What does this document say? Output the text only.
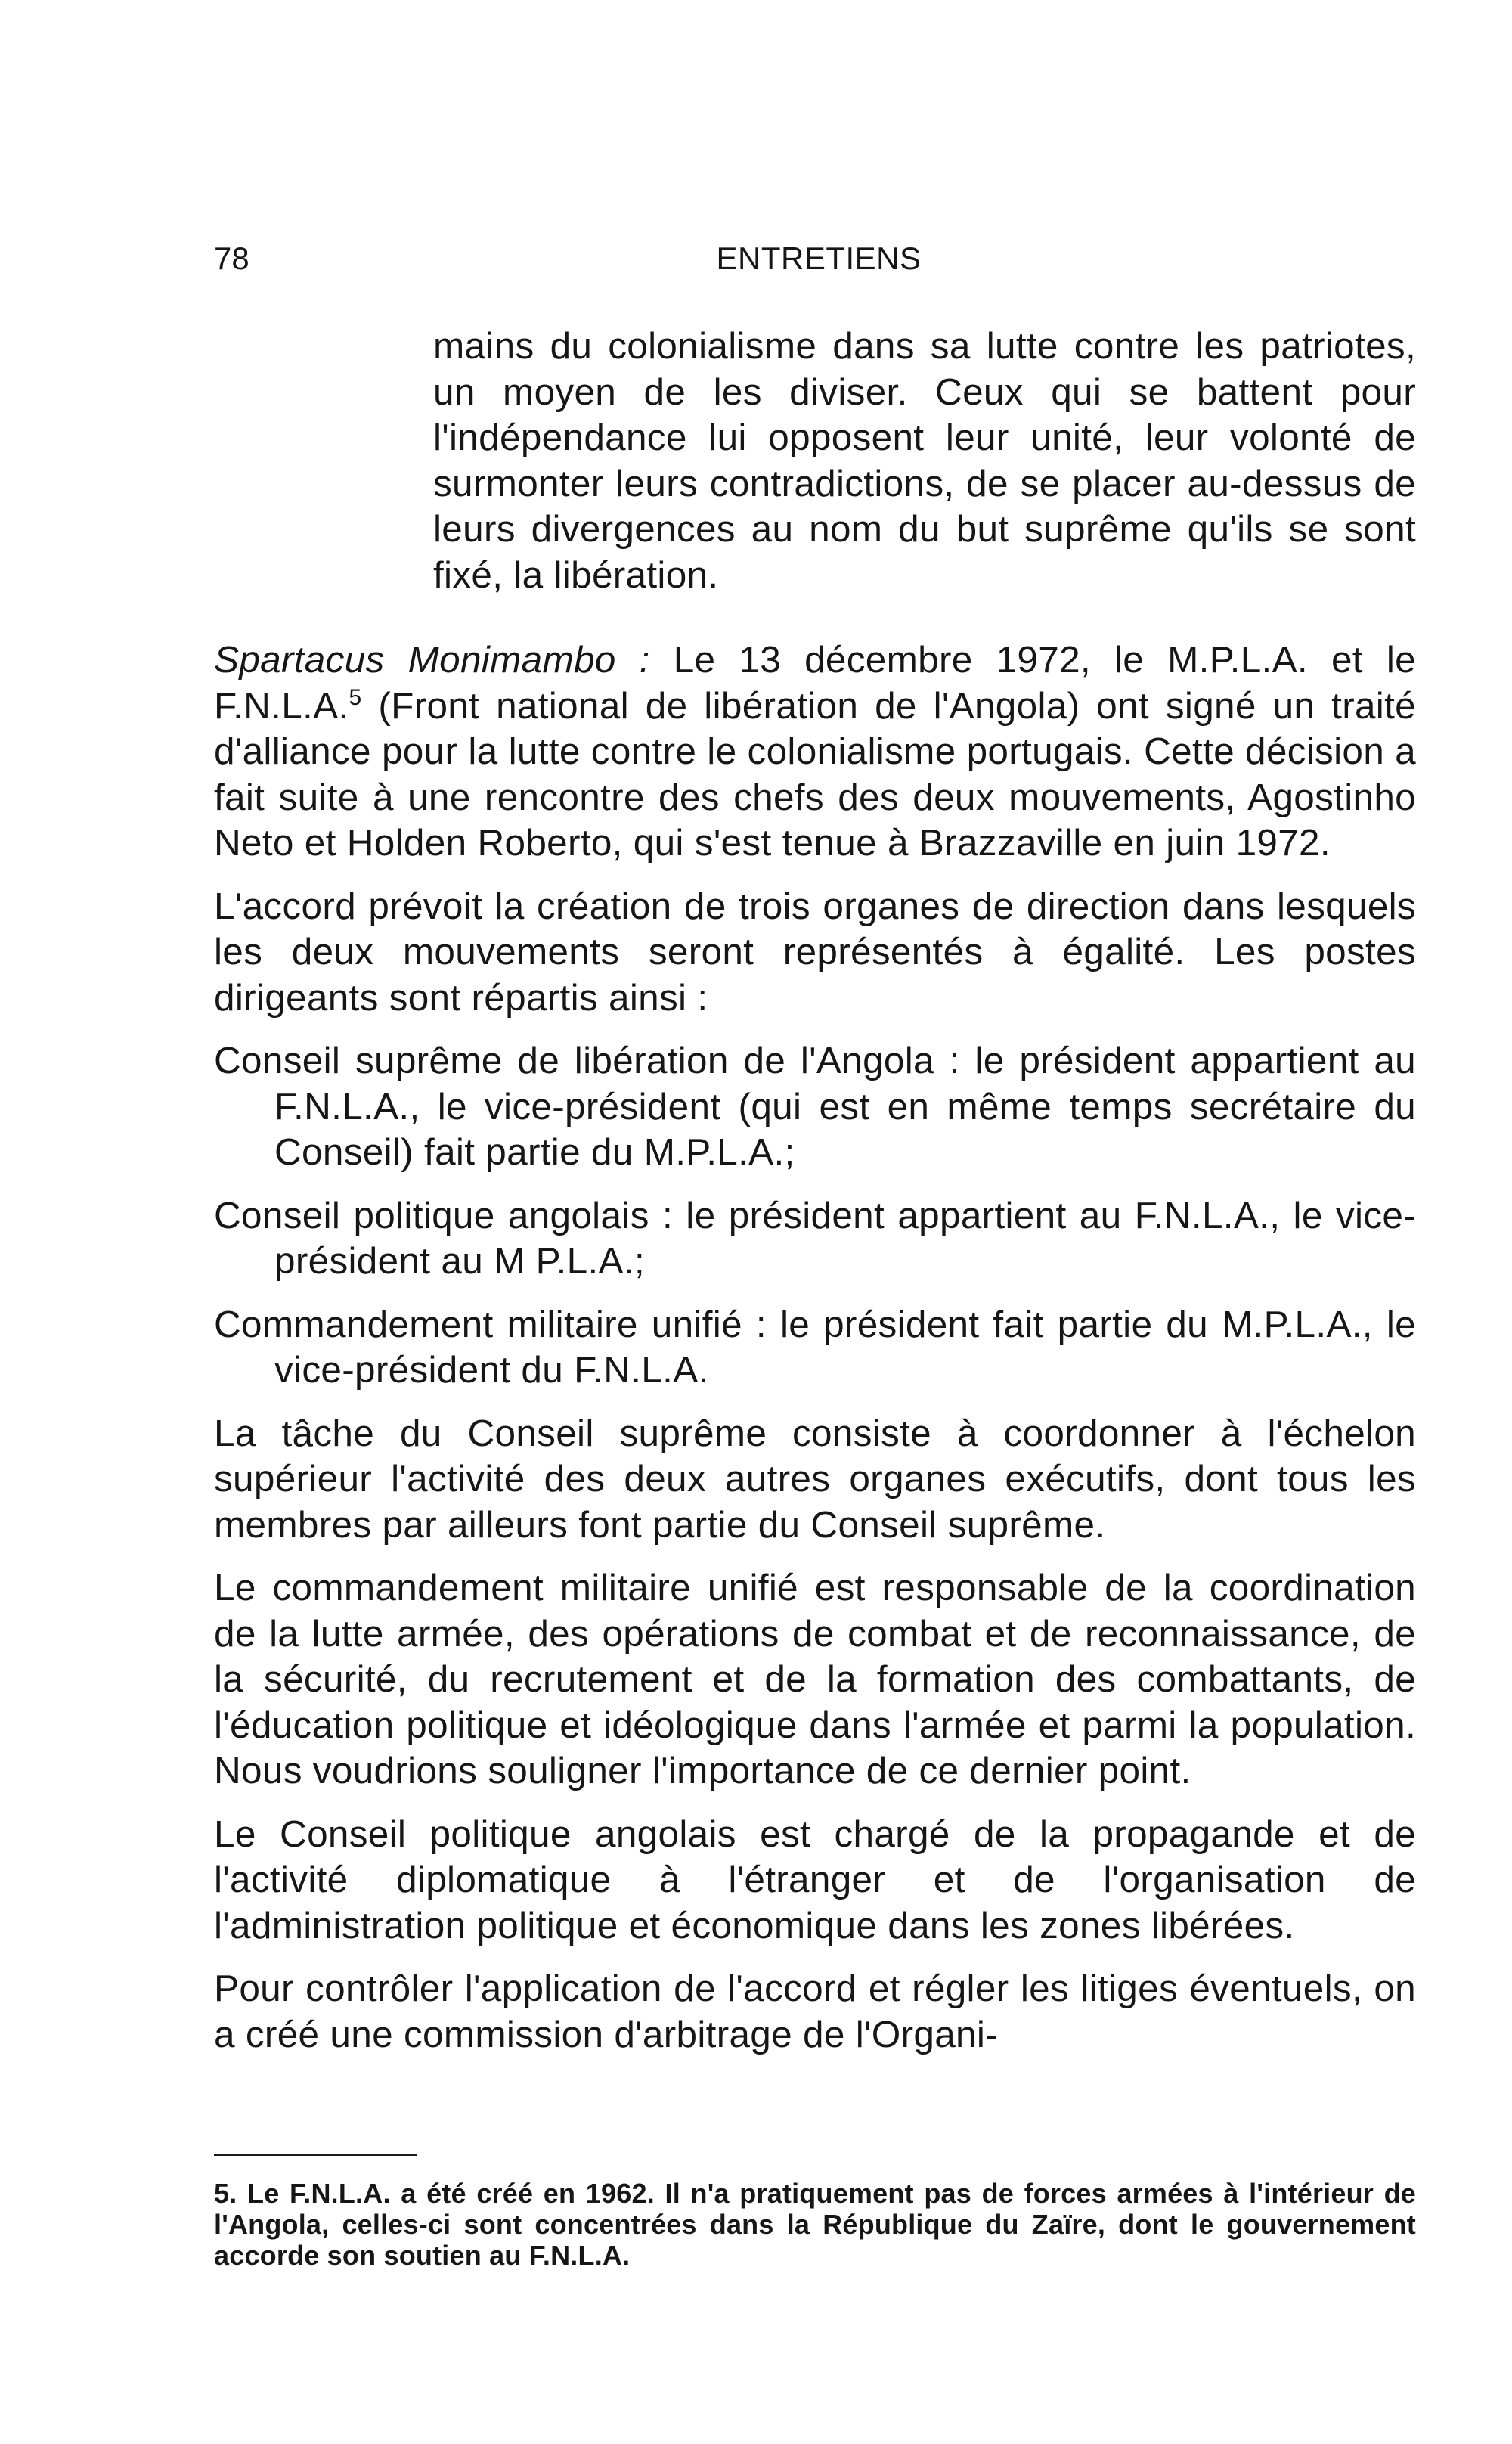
78	ENTRETIENS

mains du colonialisme dans sa lutte contre les patriotes, un moyen de les diviser. Ceux qui se battent pour l'indépendance lui opposent leur unité, leur volonté de surmonter leurs contradictions, de se placer au-dessus de leurs divergences au nom du but suprême qu'ils se sont fixé, la libération.

Spartacus Monimambo : Le 13 décembre 1972, le M.P.L.A. et le F.N.L.A.$^5$ (Front national de libération de l'Angola) ont signé un traité d'alliance pour la lutte contre le colonialisme portugais. Cette décision a fait suite à une rencontre des chefs des deux mouvements, Agostinho Neto et Holden Roberto, qui s'est tenue à Brazzaville en juin 1972.

L'accord prévoit la création de trois organes de direction dans lesquels les deux mouvements seront représentés à égalité. Les postes dirigeants sont répartis ainsi :

Conseil suprême de libération de l'Angola : le président appartient au F.N.L.A., le vice-président (qui est en même temps secrétaire du Conseil) fait partie du M.P.L.A.;

Conseil politique angolais : le président appartient au F.N.L.A., le vice-président au M P.L.A.;

Commandement militaire unifié : le président fait partie du M.P.L.A., le vice-président du F.N.L.A.

La tâche du Conseil suprême consiste à coordonner à l'échelon supérieur l'activité des deux autres organes exécutifs, dont tous les membres par ailleurs font partie du Conseil suprême.

Le commandement militaire unifié est responsable de la coordination de la lutte armée, des opérations de combat et de reconnaissance, de la sécurité, du recrutement et de la formation des combattants, de l'éducation politique et idéologique dans l'armée et parmi la population. Nous voudrions souligner l'importance de ce dernier point.

Le Conseil politique angolais est chargé de la propagande et de l'activité diplomatique à l'étranger et de l'organisation de l'administration politique et économique dans les zones libérées.

Pour contrôler l'application de l'accord et régler les litiges éventuels, on a créé une commission d'arbitrage de l'Organi-

5. Le F.N.L.A. a été créé en 1962. Il n'a pratiquement pas de forces armées à l'intérieur de l'Angola, celles-ci sont concentrées dans la République du Zaïre, dont le gouvernement accorde son soutien au F.N.L.A.
